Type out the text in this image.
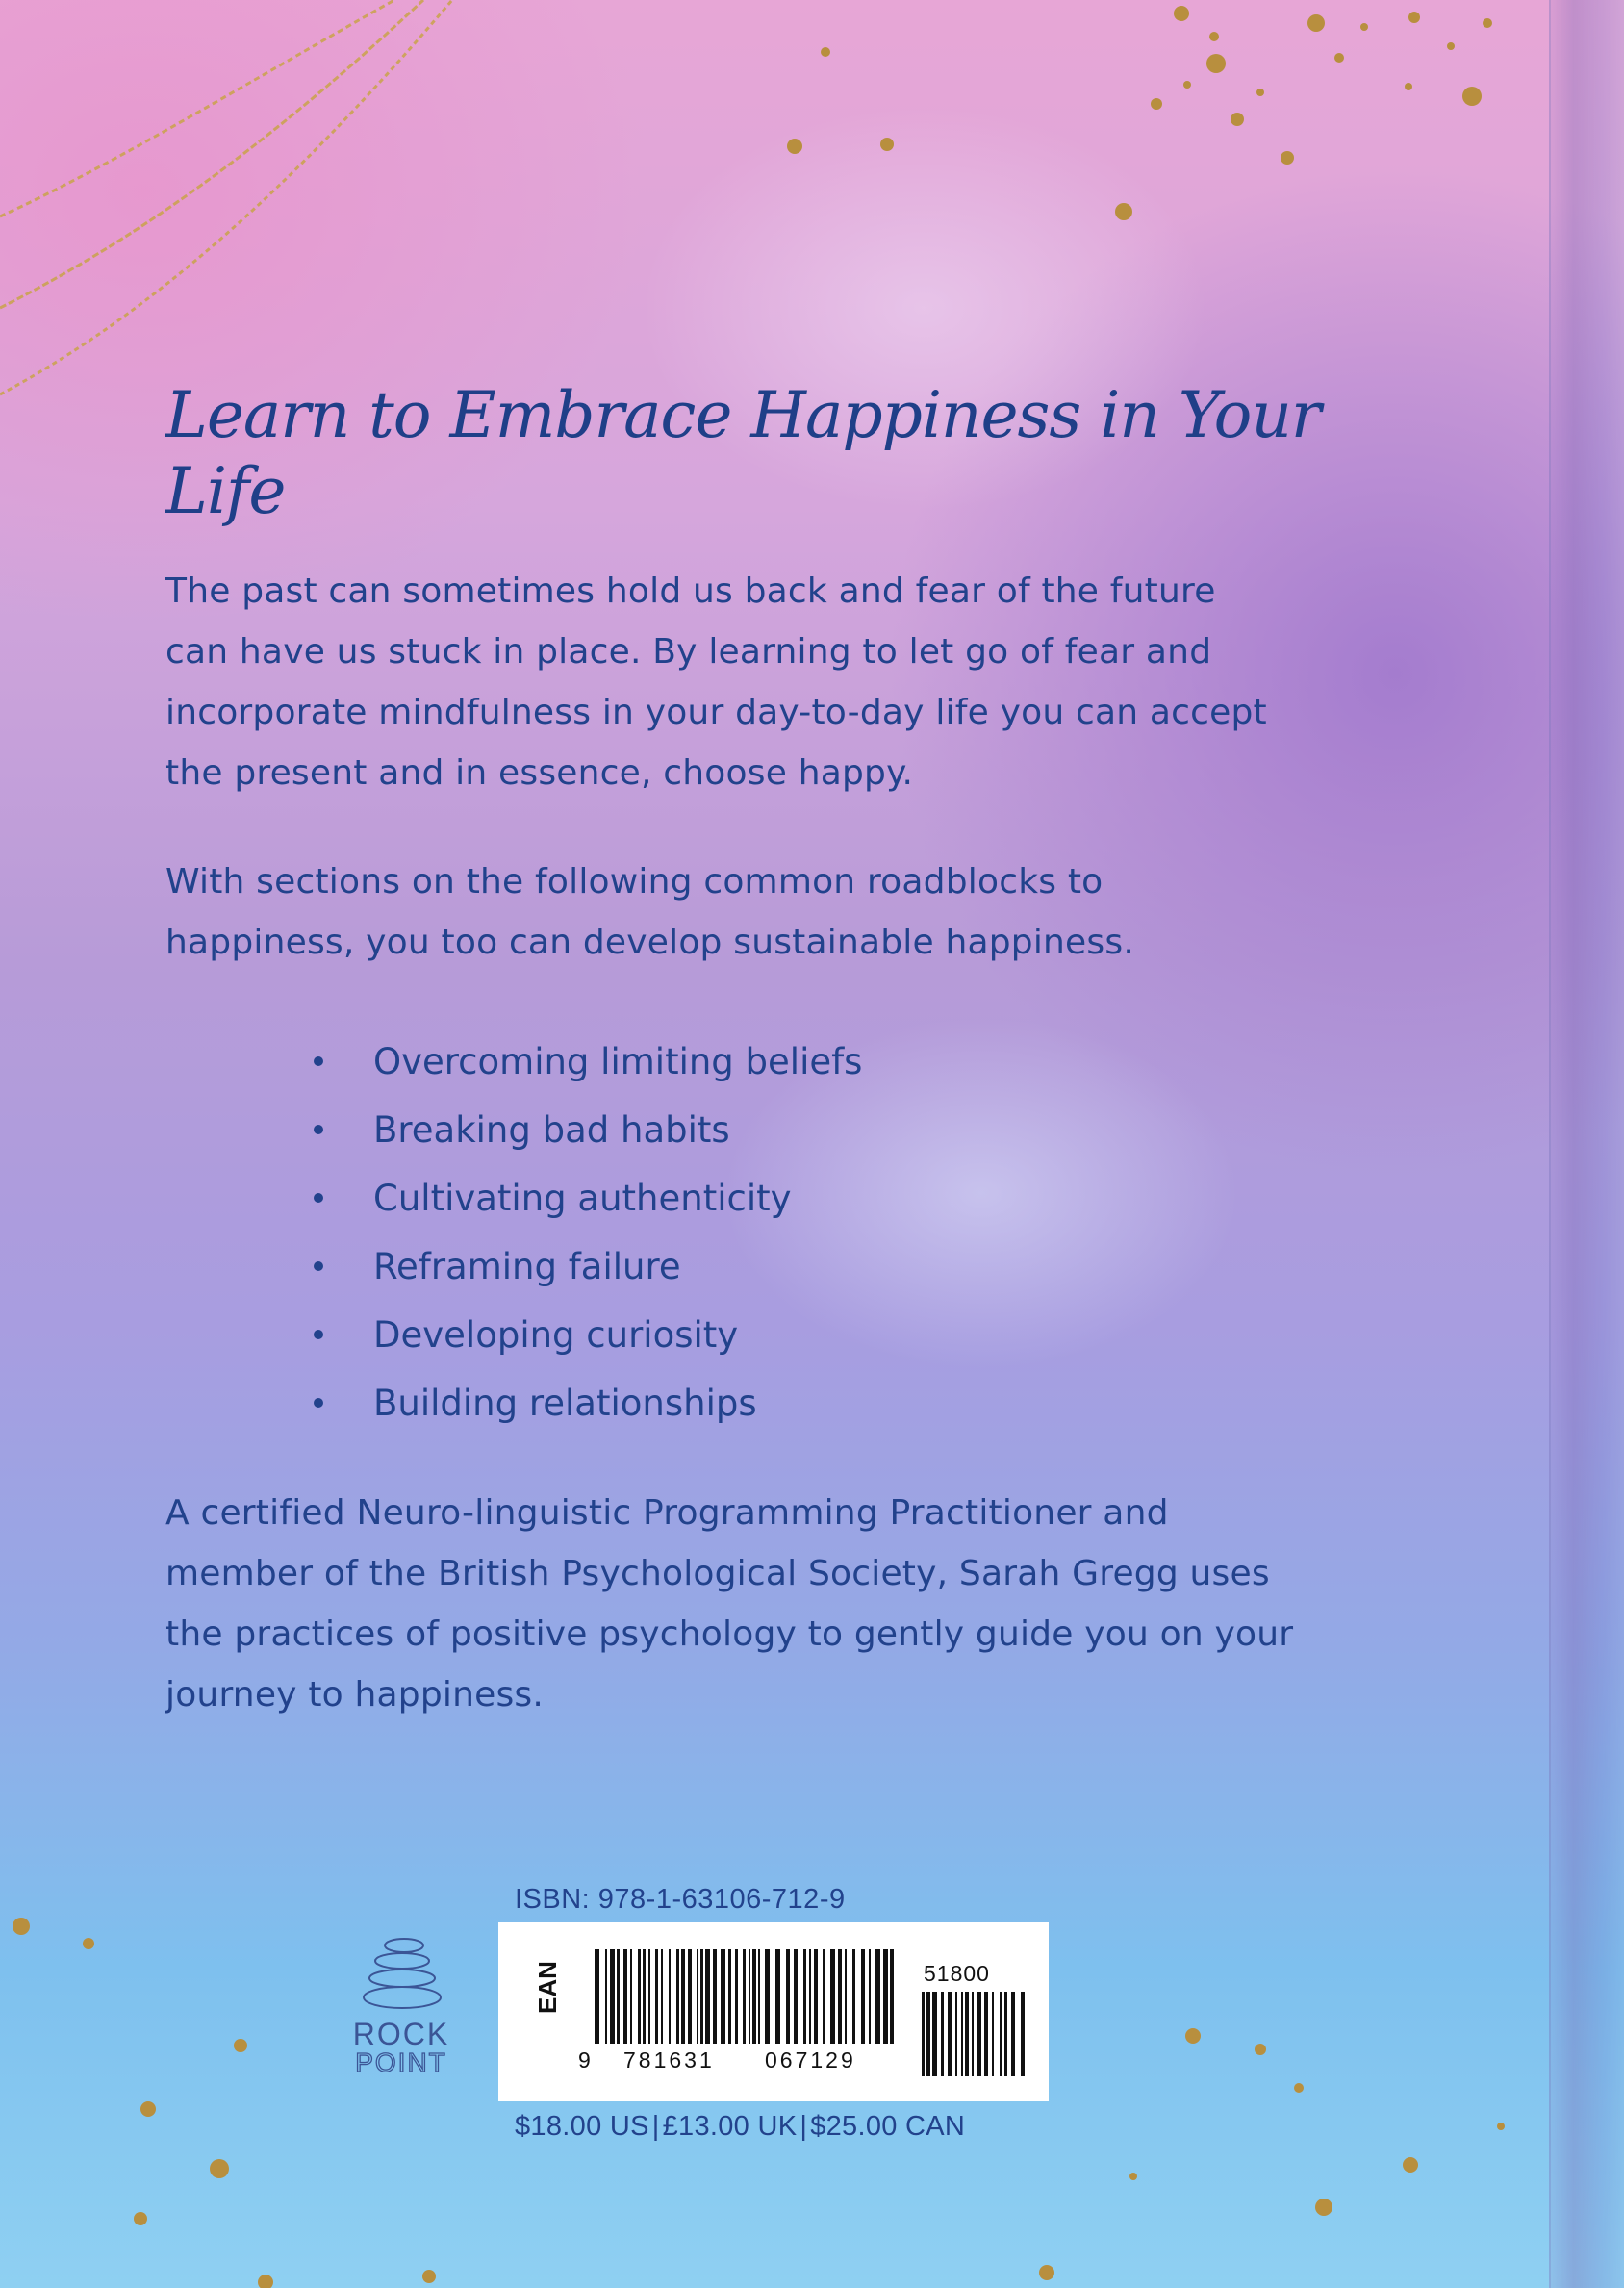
Learn to Embrace Happiness in Your Life

The past can sometimes hold us back and fear of the future
can have us stuck in place. By learning to let go of fear and
incorporate mindfulness in your day-to-day life you can accept
the present and in essence, choose happy.

With sections on the following common roadblocks to
happiness, you too can develop sustainable happiness.

Overcoming limiting beliefs
Breaking bad habits
Cultivating authenticity
Reframing failure
Developing curiosity
Building relationships

A certified Neuro-linguistic Programming Practitioner and
member of the British Psychological Society, Sarah Gregg uses
the practices of positive psychology to gently guide you on your
journey to happiness.

ROCK
POINT
ISBN: 978-1-63106-712-9
EAN
9 781631 067129
51800
$18.00 US | £13.00 UK | $25.00 CAN
